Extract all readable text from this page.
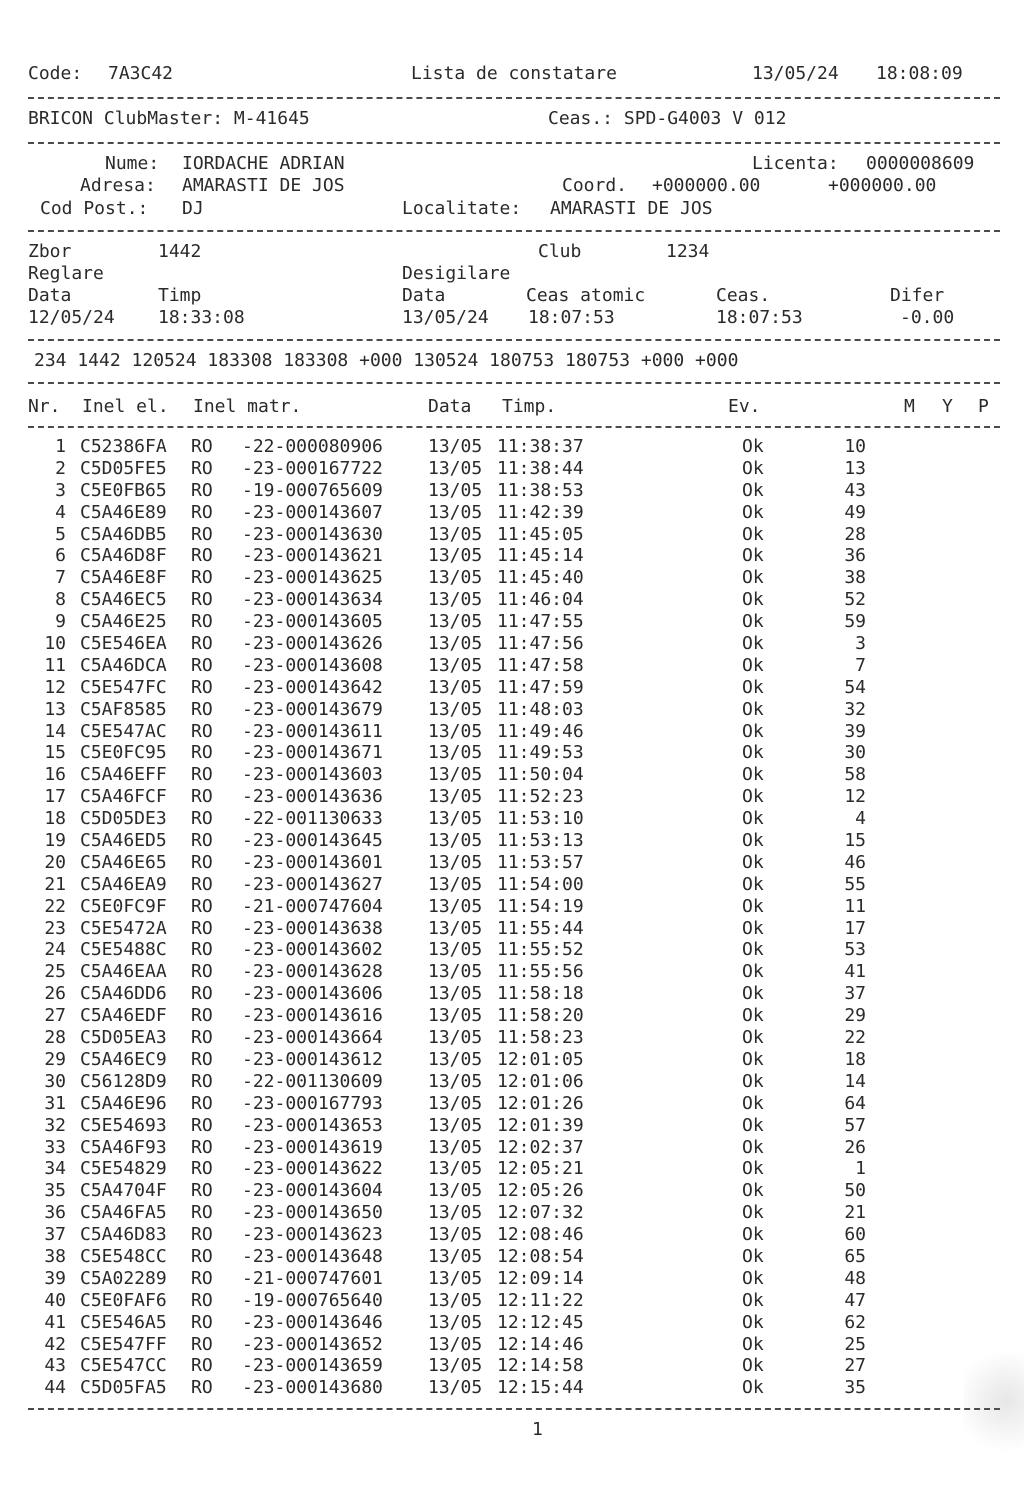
Code: 7A3C42	Lista de constatare	13/05/24 18:08:09
BRICON ClubMaster: M-41645	Ceas.: SPD-G4003 V 012
Nume: IORDACHE ADRIAN	Licenta: 0000008609
Adresa: AMARASTI DE JOS	Coord. +000000.00	+000000.00
Cod Post.: DJ	Localitate: AMARASTI DE JOS
Zbor	1442	Club	1234
Reglare	Desigilare
Data	Timp	Data	Ceas atomic	Ceas.	Difer
12/05/24 18:33:08	13/05/24 18:07:53	18:07:53	-0.00
234 1442 120524 183308 183308 +000 130524 180753 180753 +000 +000
Nr. Inel el. Inel matr.	Data Timp.	Ev.	M Y P
1 C52386FA RO -22-000080906	13/05 11:38:37	Ok	10
2 C5D05FE5 RO -23-000167722	13/05 11:38:44	Ok	13
3 C5E0FB65 RO -19-000765609	13/05 11:38:53	Ok	43
4 C5A46E89 RO -23-000143607	13/05 11:42:39	Ok	49
5 C5A46DB5 RO -23-000143630	13/05 11:45:05	Ok	28
6 C5A46D8F RO -23-000143621	13/05 11:45:14	Ok	36
7 C5A46E8F RO -23-000143625	13/05 11:45:40	Ok	38
8 C5A46EC5 RO -23-000143634	13/05 11:46:04	Ok	52
9 C5A46E25 RO -23-000143605	13/05 11:47:55	Ok	59
10 C5E546EA RO -23-000143626	13/05 11:47:56	Ok	3
11 C5A46DCA RO -23-000143608	13/05 11:47:58	Ok	7
12 C5E547FC RO -23-000143642	13/05 11:47:59	Ok	54
13 C5AF8585 RO -23-000143679	13/05 11:48:03	Ok	32
14 C5E547AC RO -23-000143611	13/05 11:49:46	Ok	39
15 C5E0FC95 RO -23-000143671	13/05 11:49:53	Ok	30
16 C5A46EFF RO -23-000143603	13/05 11:50:04	Ok	58
17 C5A46FCF RO -23-000143636	13/05 11:52:23	Ok	12
18 C5D05DE3 RO -22-001130633	13/05 11:53:10	Ok	4
19 C5A46ED5 RO -23-000143645	13/05 11:53:13	Ok	15
20 C5A46E65 RO -23-000143601	13/05 11:53:57	Ok	46
21 C5A46EA9 RO -23-000143627	13/05 11:54:00	Ok	55
22 C5E0FC9F RO -21-000747604	13/05 11:54:19	Ok	11
23 C5E5472A RO -23-000143638	13/05 11:55:44	Ok	17
24 C5E5488C RO -23-000143602	13/05 11:55:52	Ok	53
25 C5A46EAA RO -23-000143628	13/05 11:55:56	Ok	41
26 C5A46DD6 RO -23-000143606	13/05 11:58:18	Ok	37
27 C5A46EDF RO -23-000143616	13/05 11:58:20	Ok	29
28 C5D05EA3 RO -23-000143664	13/05 11:58:23	Ok	22
29 C5A46EC9 RO -23-000143612	13/05 12:01:05	Ok	18
30 C56128D9 RO -22-001130609	13/05 12:01:06	Ok	14
31 C5A46E96 RO -23-000167793	13/05 12:01:26	Ok	64
32 C5E54693 RO -23-000143653	13/05 12:01:39	Ok	57
33 C5A46F93 RO -23-000143619	13/05 12:02:37	Ok	26
34 C5E54829 RO -23-000143622	13/05 12:05:21	Ok	1
35 C5A4704F RO -23-000143604	13/05 12:05:26	Ok	50
36 C5A46FA5 RO -23-000143650	13/05 12:07:32	Ok	21
37 C5A46D83 RO -23-000143623	13/05 12:08:46	Ok	60
38 C5E548CC RO -23-000143648	13/05 12:08:54	Ok	65
39 C5A02289 RO -21-000747601	13/05 12:09:14	Ok	48
40 C5E0FAF6 RO -19-000765640	13/05 12:11:22	Ok	47
41 C5E546A5 RO -23-000143646	13/05 12:12:45	Ok	62
42 C5E547FF RO -23-000143652	13/05 12:14:46	Ok	25
43 C5E547CC RO -23-000143659	13/05 12:14:58	Ok	27
44 C5D05FA5 RO -23-000143680	13/05 12:15:44	Ok	35
1
